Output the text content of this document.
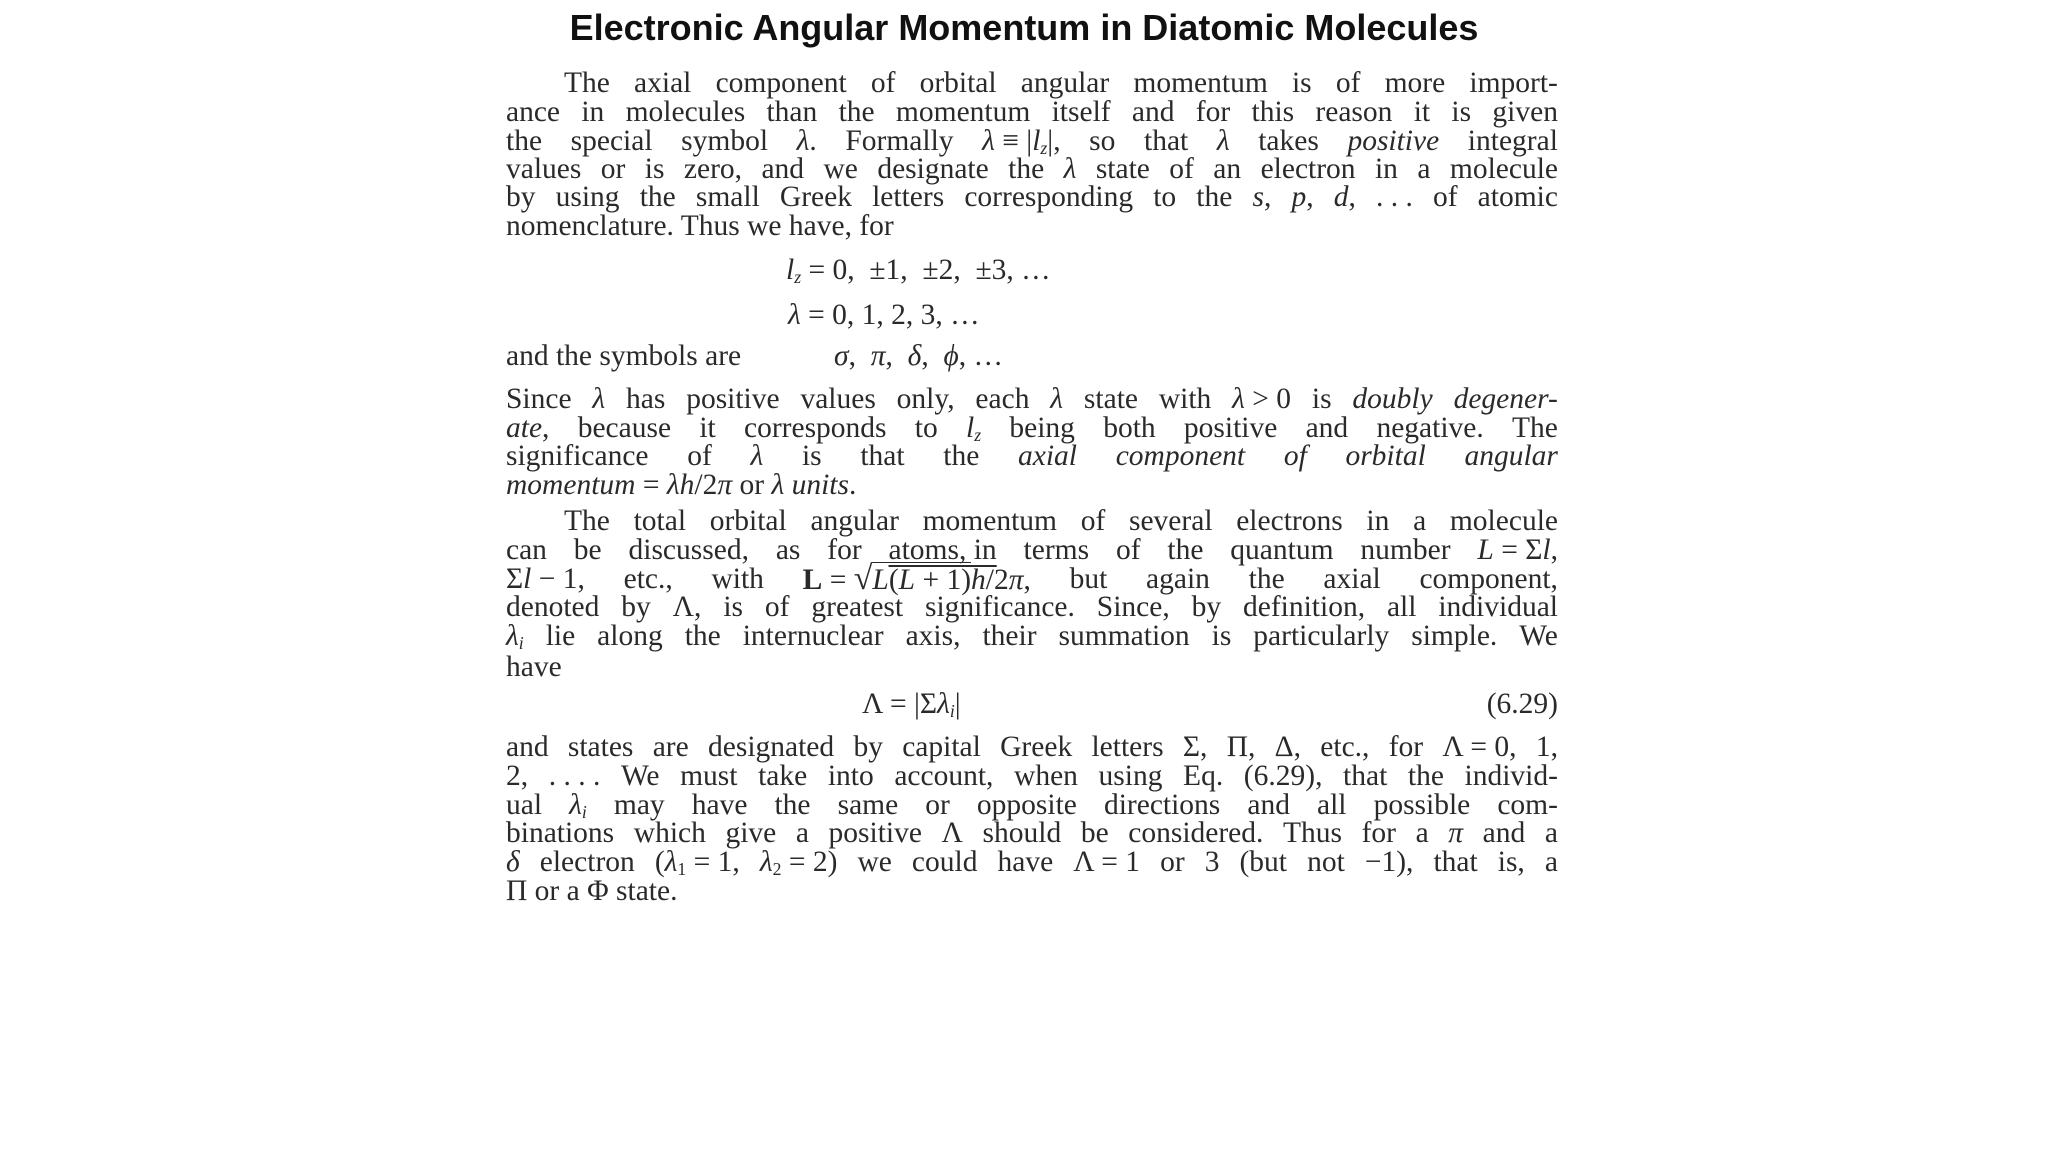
Electronic Angular Momentum in Diatomic Molecules
The axial component of orbital angular momentum is of more import-
ance in molecules than the momentum itself and for this reason it is given
the special symbol λ. Formally $\lambda \equiv |l_z|$, so that λ takes positive integral
values or is zero, and we designate the λ state of an electron in a molecule
by using the small Greek letters corresponding to the s, p, d, . . . of atomic
nomenclature. Thus we have, for
$l_z = 0$,  ±1,  ±2,  ±3, …
λ = 0, 1, 2, 3, …
and the symbols are	σ,  π,  δ,  ϕ, …
Since λ has positive values only, each λ state with λ > 0 is doubly degener-
ate, because it corresponds to $l_z$ being both positive and negative. The
significance of λ is that the axial component of orbital angular
momentum = λh/2π or λ units.
The total orbital angular momentum of several electrons in a molecule
can be discussed, as for atoms, in terms of the quantum number L = Σl,
Σl − 1, etc., with L = √L(L + 1)h/2π, but again the axial component,
denoted by Λ, is of greatest significance. Since, by definition, all individual
$\lambda_i$ lie along the internuclear axis, their summation is particularly simple. We
have
$\Lambda = |\Sigma\lambda_i|$	(6.29)
and states are designated by capital Greek letters Σ, Π, Δ, etc., for Λ = 0, 1,
2, . . . . We must take into account, when using Eq. (6.29), that the individ-
ual $\lambda_i$ may have the same or opposite directions and all possible com-
binations which give a positive Λ should be considered. Thus for a π and a
δ electron ($\lambda_1 = 1$, $\lambda_2 = 2$) we could have Λ = 1 or 3 (but not −1), that is, a
Π or a Φ state.
